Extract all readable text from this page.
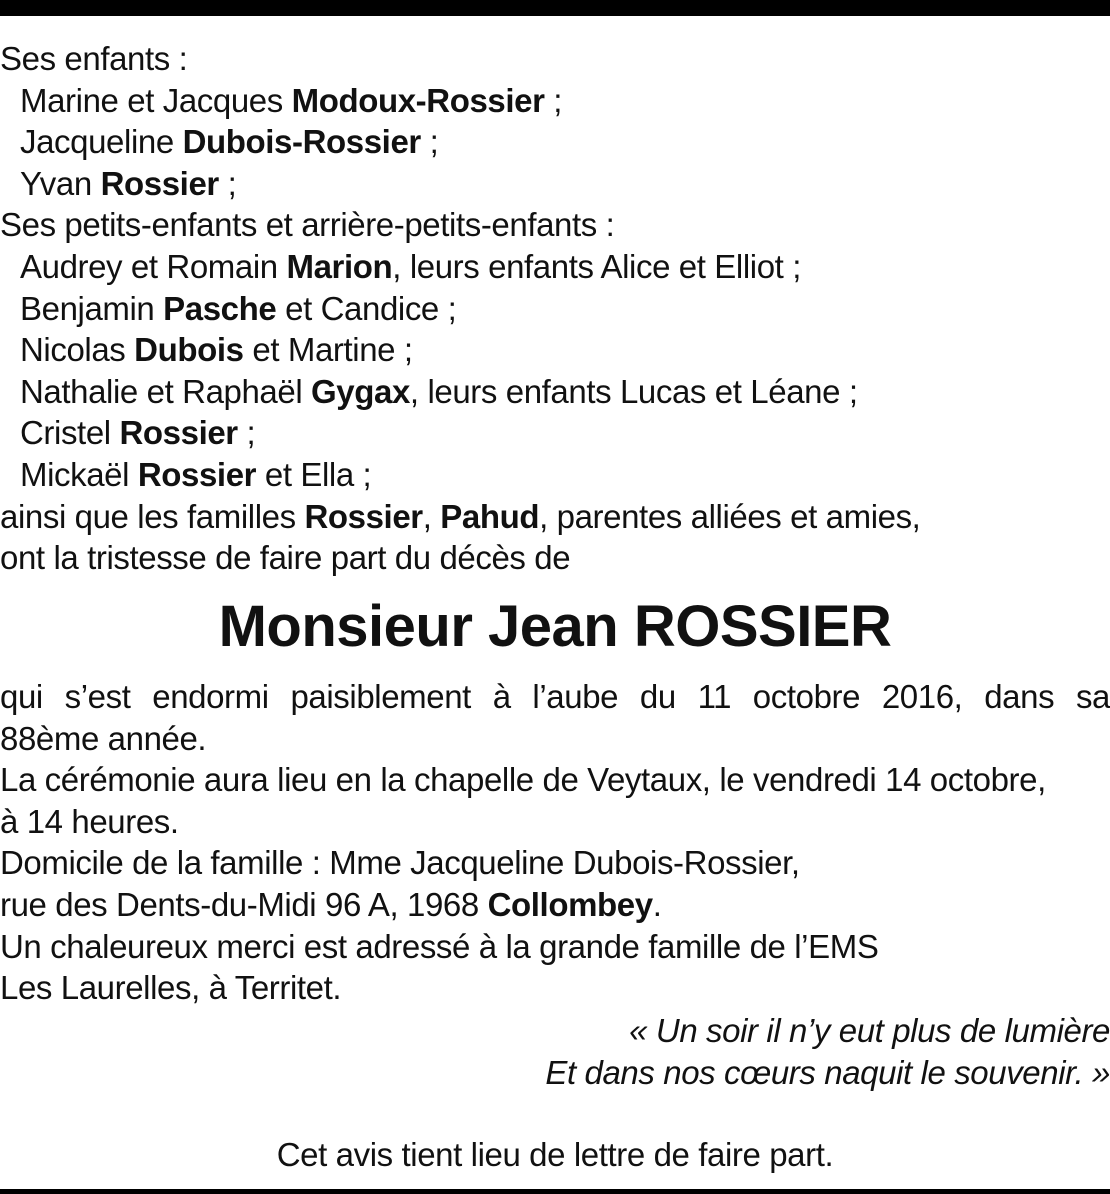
Ses enfants :
Marine et Jacques Modoux-Rossier ;
Jacqueline Dubois-Rossier ;
Yvan Rossier ;
Ses petits-enfants et arrière-petits-enfants :
Audrey et Romain Marion, leurs enfants Alice et Elliot ;
Benjamin Pasche et Candice ;
Nicolas Dubois et Martine ;
Nathalie et Raphaël Gygax, leurs enfants Lucas et Léane ;
Cristel Rossier ;
Mickaël Rossier et Ella ;
ainsi que les familles Rossier, Pahud, parentes alliées et amies,
ont la tristesse de faire part du décès de
Monsieur Jean ROSSIER
qui s’est endormi paisiblement à l’aube du 11 octobre 2016, dans sa
88ème année.
La cérémonie aura lieu en la chapelle de Veytaux, le vendredi 14 octobre,
à 14 heures.
Domicile de la famille : Mme Jacqueline Dubois-Rossier,
rue des Dents-du-Midi 96 A, 1968 Collombey.
Un chaleureux merci est adressé à la grande famille de l’EMS
Les Laurelles, à Territet.
« Un soir il n’y eut plus de lumière
Et dans nos cœurs naquit le souvenir. »
Cet avis tient lieu de lettre de faire part.
